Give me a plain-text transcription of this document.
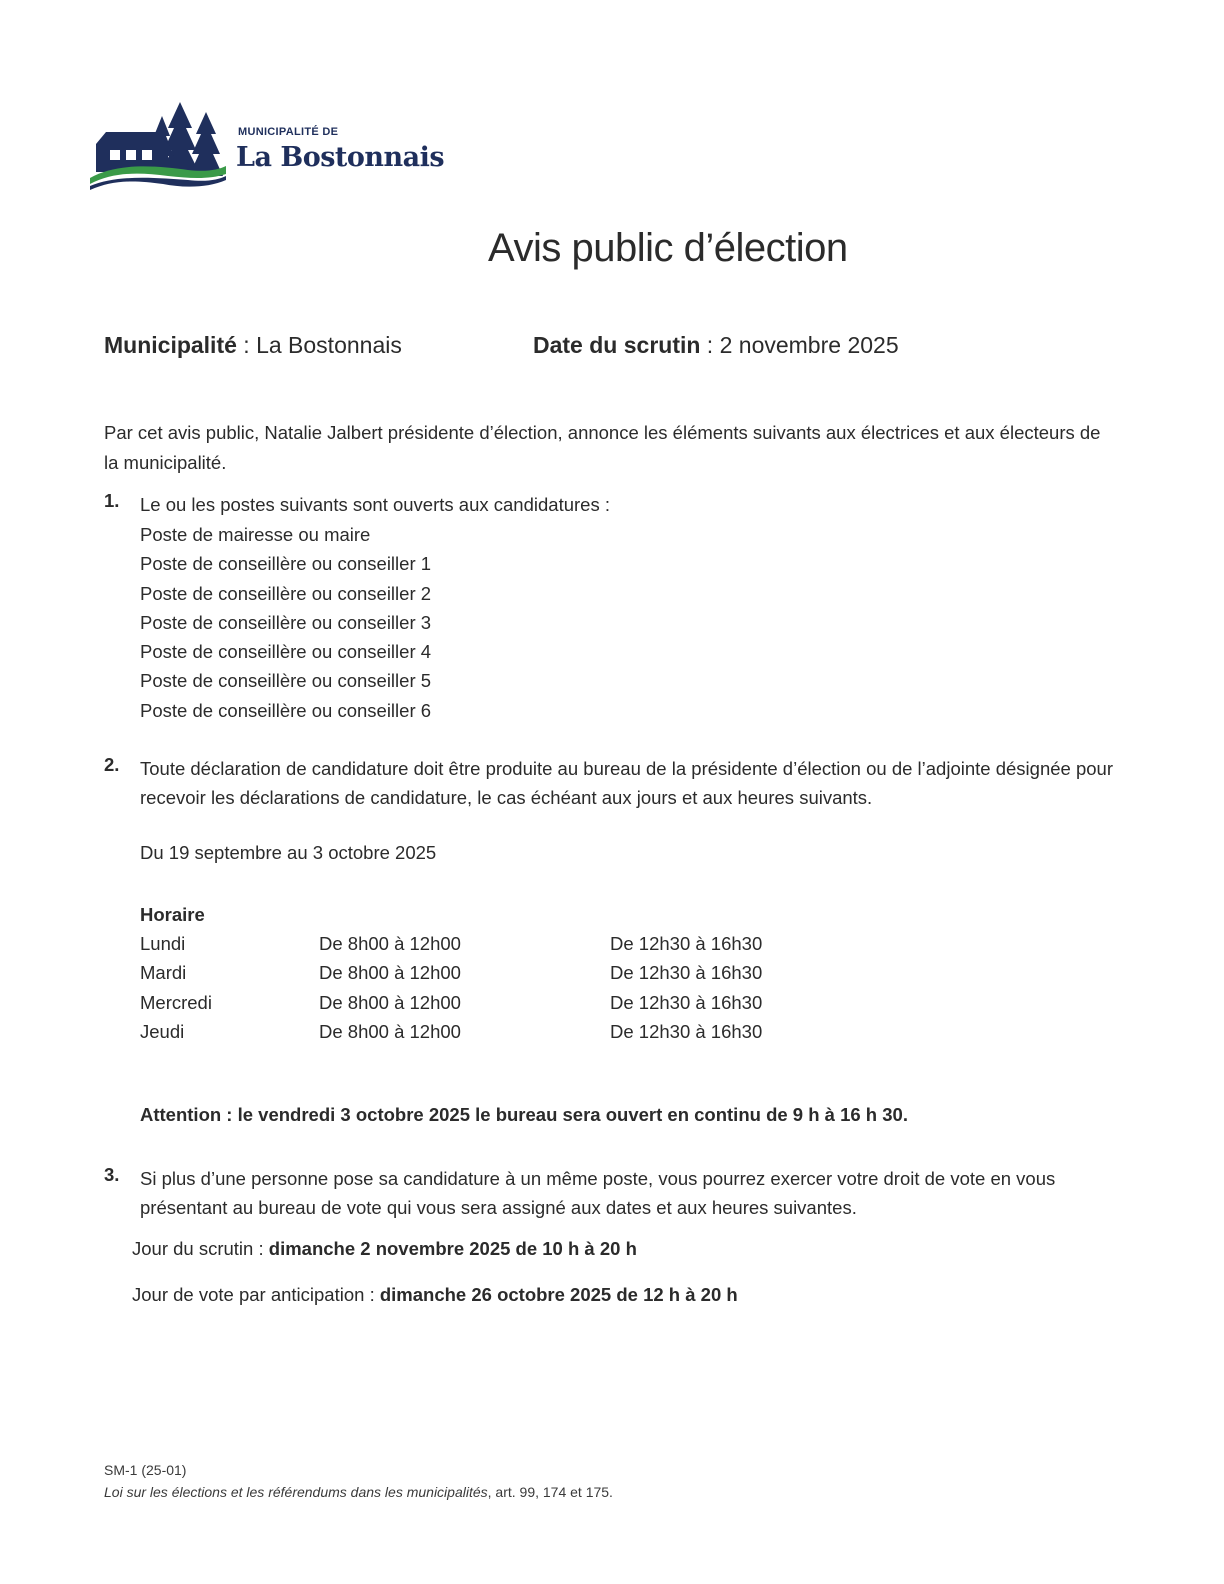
MUNICIPALITÉ DE
La Bostonnais
Avis public d’élection
Municipalité : La Bostonnais	Date du scrutin : 2 novembre 2025
Par cet avis public, Natalie Jalbert présidente d’élection, annonce les éléments suivants aux électrices et aux électeurs de la municipalité.
1. Le ou les postes suivants sont ouverts aux candidatures :
Poste de mairesse ou maire
Poste de conseillère ou conseiller 1
Poste de conseillère ou conseiller 2
Poste de conseillère ou conseiller 3
Poste de conseillère ou conseiller 4
Poste de conseillère ou conseiller 5
Poste de conseillère ou conseiller 6
2. Toute déclaration de candidature doit être produite au bureau de la présidente d’élection ou de l’adjointe désignée pour recevoir les déclarations de candidature, le cas échéant aux jours et aux heures suivants.
Du 19 septembre au 3 octobre 2025
Horaire
Lundi	De 8h00 à 12h00	De 12h30 à 16h30
Mardi	De 8h00 à 12h00	De 12h30 à 16h30
Mercredi	De 8h00 à 12h00	De 12h30 à 16h30
Jeudi	De 8h00 à 12h00	De 12h30 à 16h30
Attention : le vendredi 3 octobre 2025 le bureau sera ouvert en continu de 9 h à 16 h 30.
3. Si plus d’une personne pose sa candidature à un même poste, vous pourrez exercer votre droit de vote en vous présentant au bureau de vote qui vous sera assigné aux dates et aux heures suivantes.
Jour du scrutin : dimanche 2 novembre 2025 de 10 h à 20 h
Jour de vote par anticipation : dimanche 26 octobre 2025 de 12 h à 20 h
SM-1 (25-01)
Loi sur les élections et les référendums dans les municipalités, art. 99, 174 et 175.
